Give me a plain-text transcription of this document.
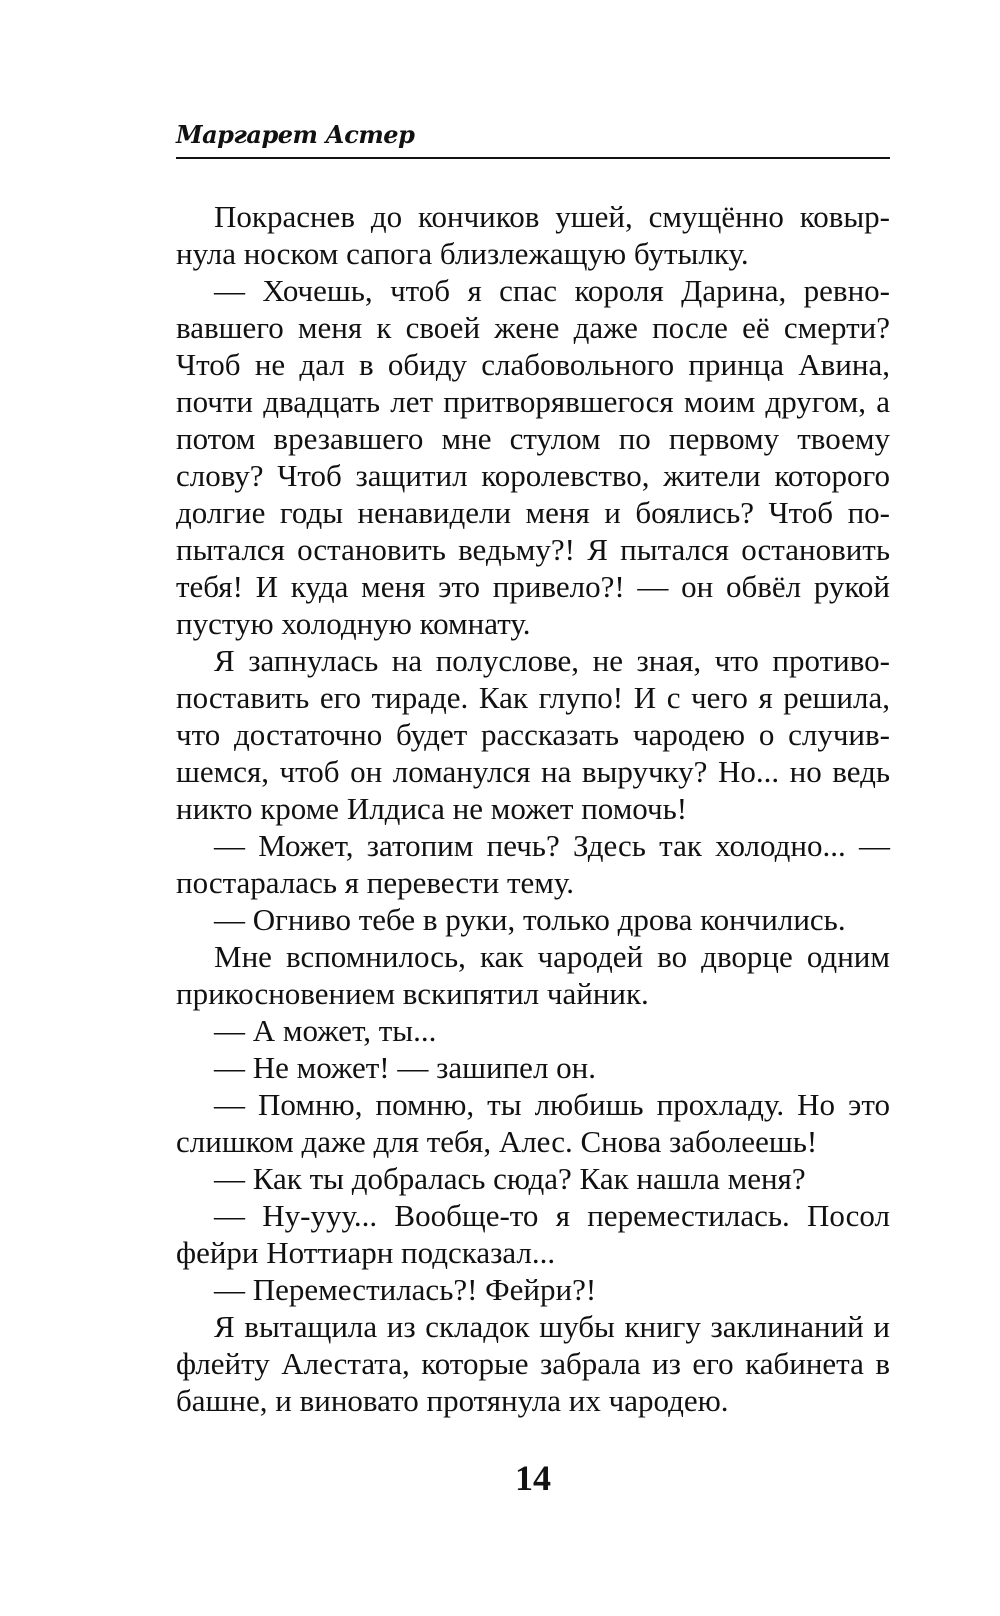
Маргарет Астер

Покраснев до кончиков ушей, смущённо ковырнула носком сапога близлежащую бутылку.

— Хочешь, чтоб я спас короля Дарина, ревновавшего меня к своей жене даже после её смерти? Чтоб не дал в обиду слабовольного принца Авина, почти двадцать лет притворявшегося моим другом, а потом врезавшего мне стулом по первому твоему слову? Чтоб защитил королевство, жители которого долгие годы ненавидели меня и боялись? Чтоб попытался остановить ведьму?! Я пытался остановить тебя! И куда меня это привело?! — он обвёл рукой пустую холодную комнату.

Я запнулась на полуслове, не зная, что противопоставить его тираде. Как глупо! И с чего я решила, что достаточно будет рассказать чародею о случившемся, чтоб он ломанулся на выручку? Но... но ведь никто кроме Илдиса не может помочь!

— Может, затопим печь? Здесь так холодно... — постаралась я перевести тему.

— Огниво тебе в руки, только дрова кончились.

Мне вспомнилось, как чародей во дворце одним прикосновением вскипятил чайник.

— А может, ты...

— Не может! — зашипел он.

— Помню, помню, ты любишь прохладу. Но это слишком даже для тебя, Алес. Снова заболеешь!

— Как ты добралась сюда? Как нашла меня?

— Ну-ууу... Вообще-то я переместилась. Посол фейри Ноттиарн подсказал...

— Переместилась?! Фейри?!

Я вытащила из складок шубы книгу заклинаний и флейту Алестата, которые забрала из его кабинета в башне, и виновато протянула их чародею.

14
